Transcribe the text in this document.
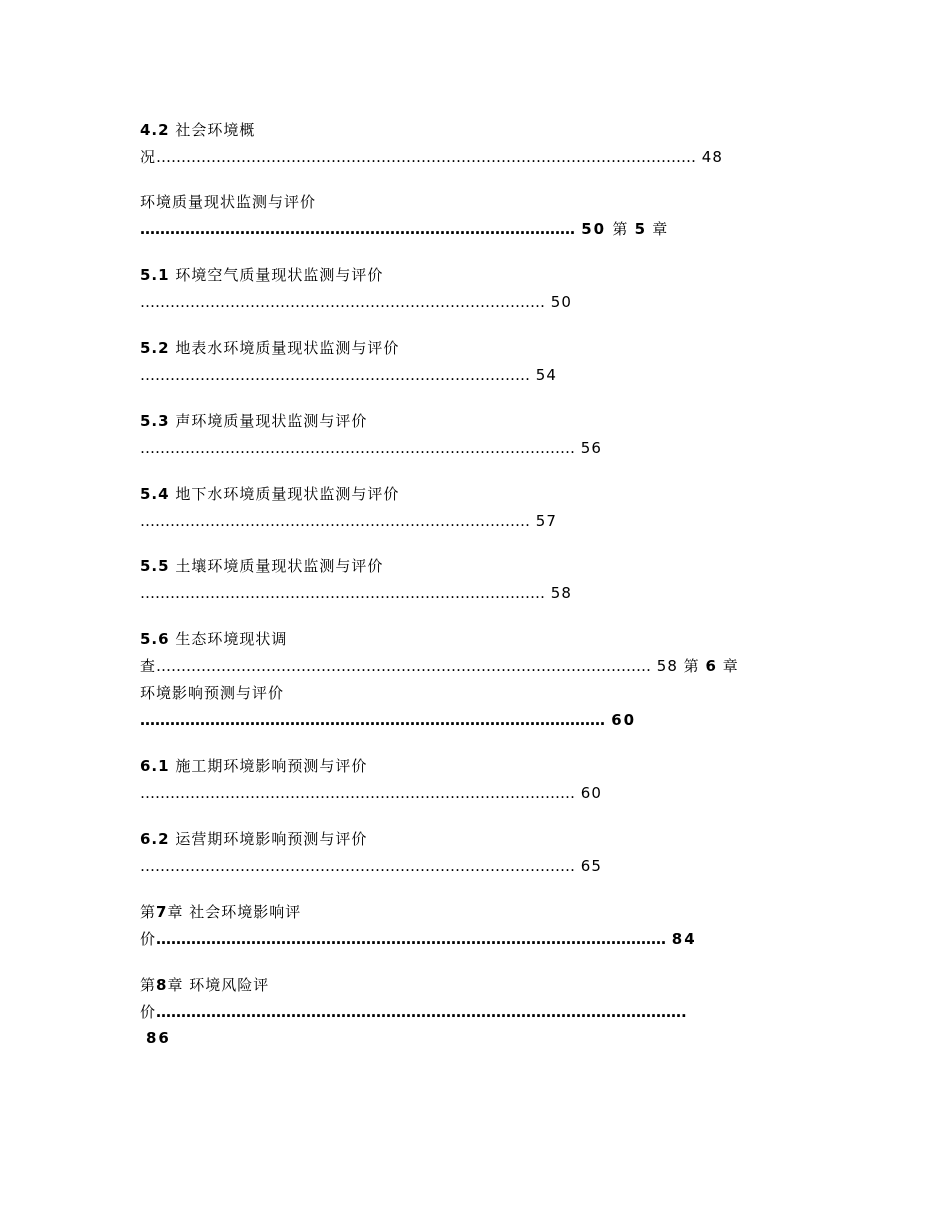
4.2 社会环境概
况……………………………………………………………………………………………… 48
环境质量现状监测与评价
…………………………………………………………………………… 50 第 5 章
5.1 环境空气质量现状监测与评价
……………………………………………………………………… 50
5.2 地表水环境质量现状监测与评价
…………………………………………………………………… 54
5.3 声环境质量现状监测与评价
…………………………………………………………………………… 56
5.4 地下水环境质量现状监测与评价
…………………………………………………………………… 57
5.5 土壤环境质量现状监测与评价
……………………………………………………………………… 58
5.6 生态环境现状调
查……………………………………………………………………………………… 58 第 6 章
环境影响预测与评价
………………………………………………………………………………… 60
6.1 施工期环境影响预测与评价
…………………………………………………………………………… 60
6.2 运营期环境影响预测与评价
…………………………………………………………………………… 65
第7章 社会环境影响评
价………………………………………………………………………………………… 84
第8章 环境风险评
价…………………………………………………………………………………………….
86
